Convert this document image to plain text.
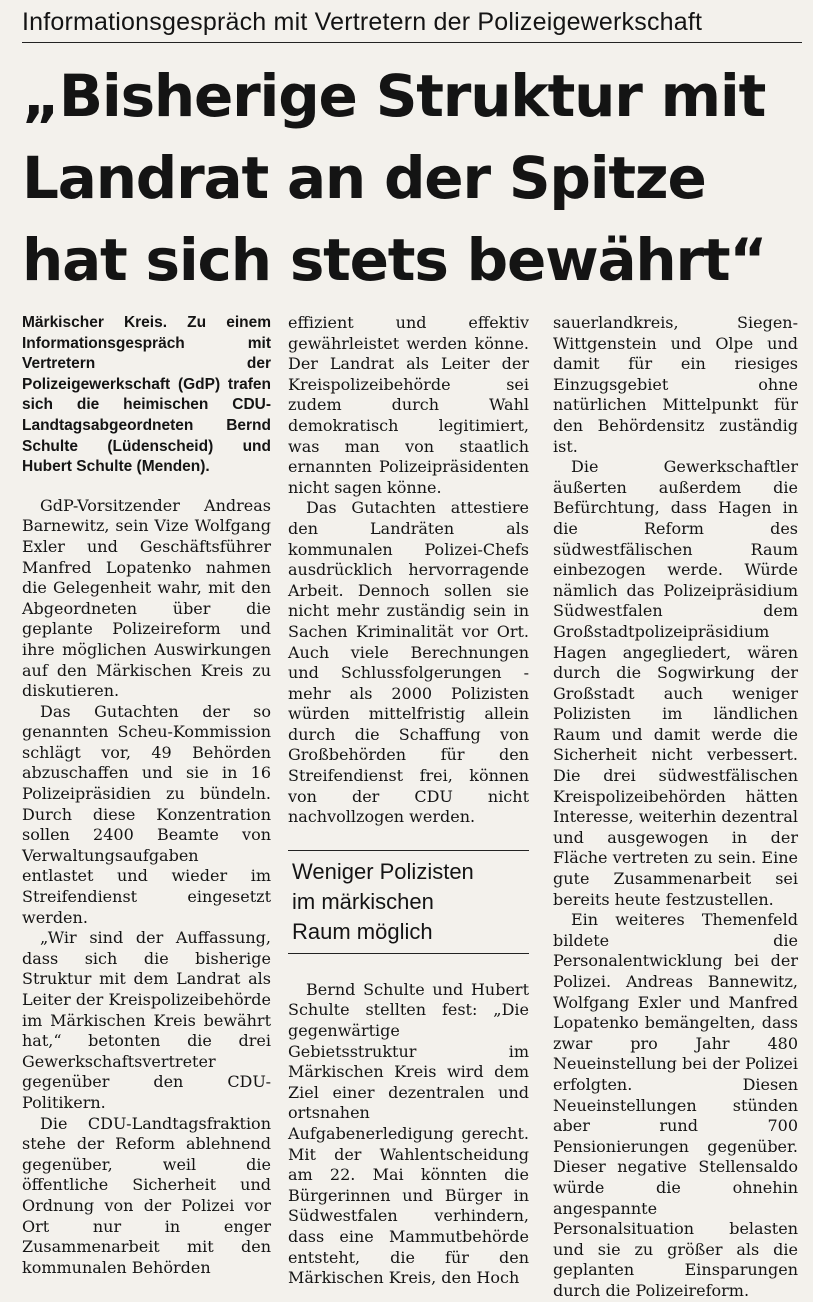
Informationsgespräch mit Vertretern der Polizeigewerkschaft
„Bisherige Struktur mit
Landrat an der Spitze
hat sich stets bewährt“

Märkischer Kreis. Zu einem Informationsgespräch mit Vertretern der Polizeigewerkschaft (GdP) trafen sich die heimischen CDU-Landtagsabgeordneten Bernd Schulte (Lüdenscheid) und Hubert Schulte (Menden).

GdP-Vorsitzender Andreas Barnewitz, sein Vize Wolfgang Exler und Geschäftsführer Manfred Lopatenko nahmen die Gelegenheit wahr, mit den Abgeordneten über die geplante Polizeireform und ihre möglichen Auswirkungen auf den Märkischen Kreis zu diskutieren.

Das Gutachten der so genannten Scheu-Kommission schlägt vor, 49 Behörden abzuschaffen und sie in 16 Polizeipräsidien zu bündeln. Durch diese Konzentration sollen 2400 Beamte von Verwaltungsaufgaben entlastet und wieder im Streifendienst eingesetzt werden.

„Wir sind der Auffassung, dass sich die bisherige Struktur mit dem Landrat als Leiter der Kreispolizeibehörde im Märkischen Kreis bewährt hat,“ betonten die drei Gewerkschaftsvertreter gegenüber den CDU-Politikern.

Die CDU-Landtagsfraktion stehe der Reform ablehnend gegenüber, weil die öffentliche Sicherheit und Ordnung von der Polizei vor Ort nur in enger Zusammenarbeit mit den kommunalen Behörden

effizient und effektiv gewährleistet werden könne. Der Landrat als Leiter der Kreispolizeibehörde sei zudem durch Wahl demokratisch legitimiert, was man von staatlich ernannten Polizeipräsidenten nicht sagen könne.

Das Gutachten attestiere den Landräten als kommunalen Polizei-Chefs ausdrücklich hervorragende Arbeit. Dennoch sollen sie nicht mehr zuständig sein in Sachen Kriminalität vor Ort. Auch viele Berechnungen und Schlussfolgerungen - mehr als 2000 Polizisten würden mittelfristig allein durch die Schaffung von Großbehörden für den Streifendienst frei, können von der CDU nicht nachvollzogen werden.

Weniger Polizisten
im märkischen
Raum möglich

Bernd Schulte und Hubert Schulte stellten fest: „Die gegenwärtige Gebietsstruktur im Märkischen Kreis wird dem Ziel einer dezentralen und ortsnahen Aufgabenerledigung gerecht. Mit der Wahlentscheidung am 22. Mai könnten die Bürgerinnen und Bürger in Südwestfalen verhindern, dass eine Mammutbehörde entsteht, die für den Märkischen Kreis, den Hoch

sauerlandkreis, Siegen-Wittgenstein und Olpe und damit für ein riesiges Einzugsgebiet ohne natürlichen Mittelpunkt für den Behördensitz zuständig ist.

Die Gewerkschaftler äußerten außerdem die Befürchtung, dass Hagen in die Reform des südwestfälischen Raum einbezogen werde. Würde nämlich das Polizeipräsidium Südwestfalen dem Großstadtpolizeipräsidium Hagen angegliedert, wären durch die Sogwirkung der Großstadt auch weniger Polizisten im ländlichen Raum und damit werde die Sicherheit nicht verbessert. Die drei südwestfälischen Kreispolizeibehörden hätten Interesse, weiterhin dezentral und ausgewogen in der Fläche vertreten zu sein. Eine gute Zusammenarbeit sei bereits heute festzustellen.

Ein weiteres Themenfeld bildete die Personalentwicklung bei der Polizei. Andreas Bannewitz, Wolfgang Exler und Manfred Lopatenko bemängelten, dass zwar pro Jahr 480 Neueinstellung bei der Polizei erfolgten. Diesen Neueinstellungen stünden aber rund 700 Pensionierungen gegenüber. Dieser negative Stellensaldo würde die ohnehin angespannte Personalsituation belasten und sie zu größer als die geplanten Einsparungen durch die Polizeireform.
